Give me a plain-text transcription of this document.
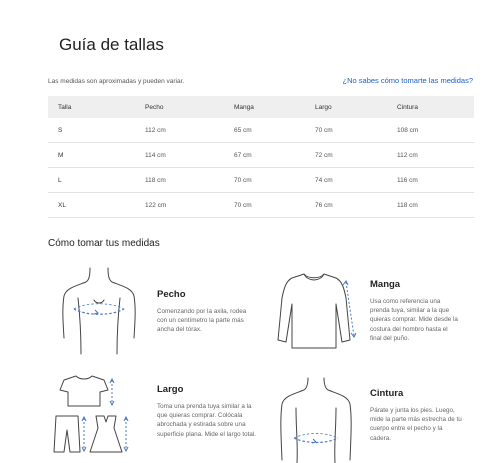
Guía de tallas
Las medidas son aproximadas y pueden variar.	¿No sabes cómo tomarte las medidas?
Talla	Pecho	Manga	Largo	Cintura
S	112 cm	65 cm	70 cm	108 cm
M	114 cm	67 cm	72 cm	112 cm
L	118 cm	70 cm	74 cm	116 cm
XL	122 cm	70 cm	76 cm	118 cm
Cómo tomar tus medidas
Pecho
Comenzando por la axila, rodea con un centímetro la parte más ancha del tórax.
Manga
Usa como referencia una prenda tuya, similar a la que quieras comprar. Mide desde la costura del hombro hasta el final del puño.
Largo
Toma una prenda tuya similar a la que quieras comprar. Colócala abrochada y estirada sobre una superficie plana. Mide el largo total.
Cintura
Párate y junta los pies. Luego, mide la parte más estrecha de tu cuerpo entre el pecho y la cadera.
